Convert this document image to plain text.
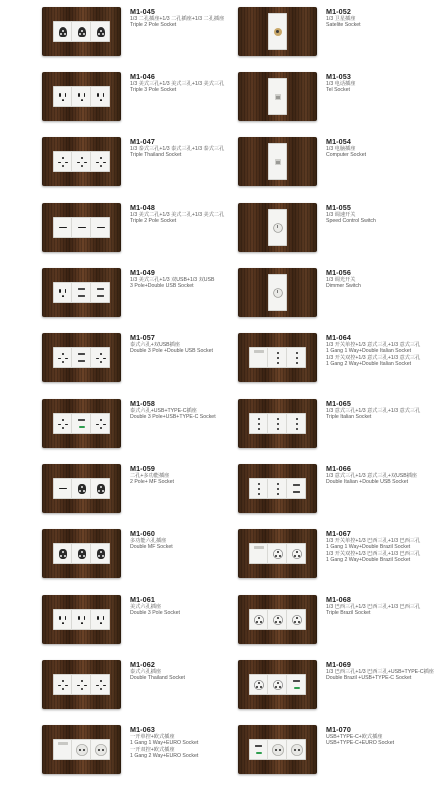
M1-045
1/3 二孔插座+1/3 二孔插座+1/3 二孔插座
Triple 2 Pole Socket
M1-052
1/3 卫星插座
Satelite Socket
M1-046
1/3 美式三孔+1/3 美式三孔+1/3 美式三孔
Triple 3 Pole Socket
M1-053
1/3 电话插座
Tel Socket
M1-047
1/3 泰式三孔+1/3 泰式三孔+1/3 泰式三孔
Triple Thailand Socket
M1-054
1/3 电脑插座
Computer Socket
M1-048
1/3 美式二孔+1/3 美式二孔+1/3 美式二孔
Triple 2 Pole Socket
M1-055
1/3 调速开关
Speed Control Switch
M1-049
1/3 美式三孔+1/3 双USB+1/3 双USB
3 Pole+Double USB Socket
M1-056
1/3 调光开关
Dimmer Switch
M1-057
泰式六孔+双USB插座
Double 3 Pole +Double USB Socket
M1-064
1/3 开关单控+1/3 意式三孔+1/3 意式三孔
1 Gang 1 Way+Double Italian Socket
1/3 开关双控+1/3 意式三孔+1/3 意式三孔
1 Gang 2 Way+Double Italian Socket
M1-058
泰式六孔+USB+TYPE-C插座
Double 3 Pole+USB+TYPE-C Socket
M1-065
1/3 意式三孔+1/3 意式三孔+1/3 意式三孔
Triple Italian Socket
M1-059
二孔+多功能插座
2 Pole+ MF Socket
M1-066
1/3 意式三孔+1/3 意式三孔+双USB插座
Double Italian +Double USB Socket
M1-060
多功能六孔插座
Double MF Socket
M1-067
1/3 开关单控+1/3 巴西三孔+1/3 巴西三孔
1 Gang 1 Way+Double Brazil Socket
1/3 开关双控+1/3 巴西三孔+1/3 巴西三孔
1 Gang 2 Way+Double Brazil Socket
M1-061
美式六孔插座
Double 3 Pole Socket
M1-068
1/3 巴西三孔+1/3 巴西三孔+1/3 巴西三孔
Triple Brazil Socket
M1-062
泰式六孔插座
Double Thailand Socket
M1-069
1/3 巴西三孔+1/3 巴西三孔+USB+TYPE-C插座
Double Brazil +USB+TYPE-C Socket
M1-063
一开单控+欧式插座
1 Gang 1 Way+EURO Socket
一开双控+欧式插座
1 Gang 2 Way+EURO Socket
M1-070
USB+TYPE-C+欧式插座
USB+TYPE-C+EURO Socket
